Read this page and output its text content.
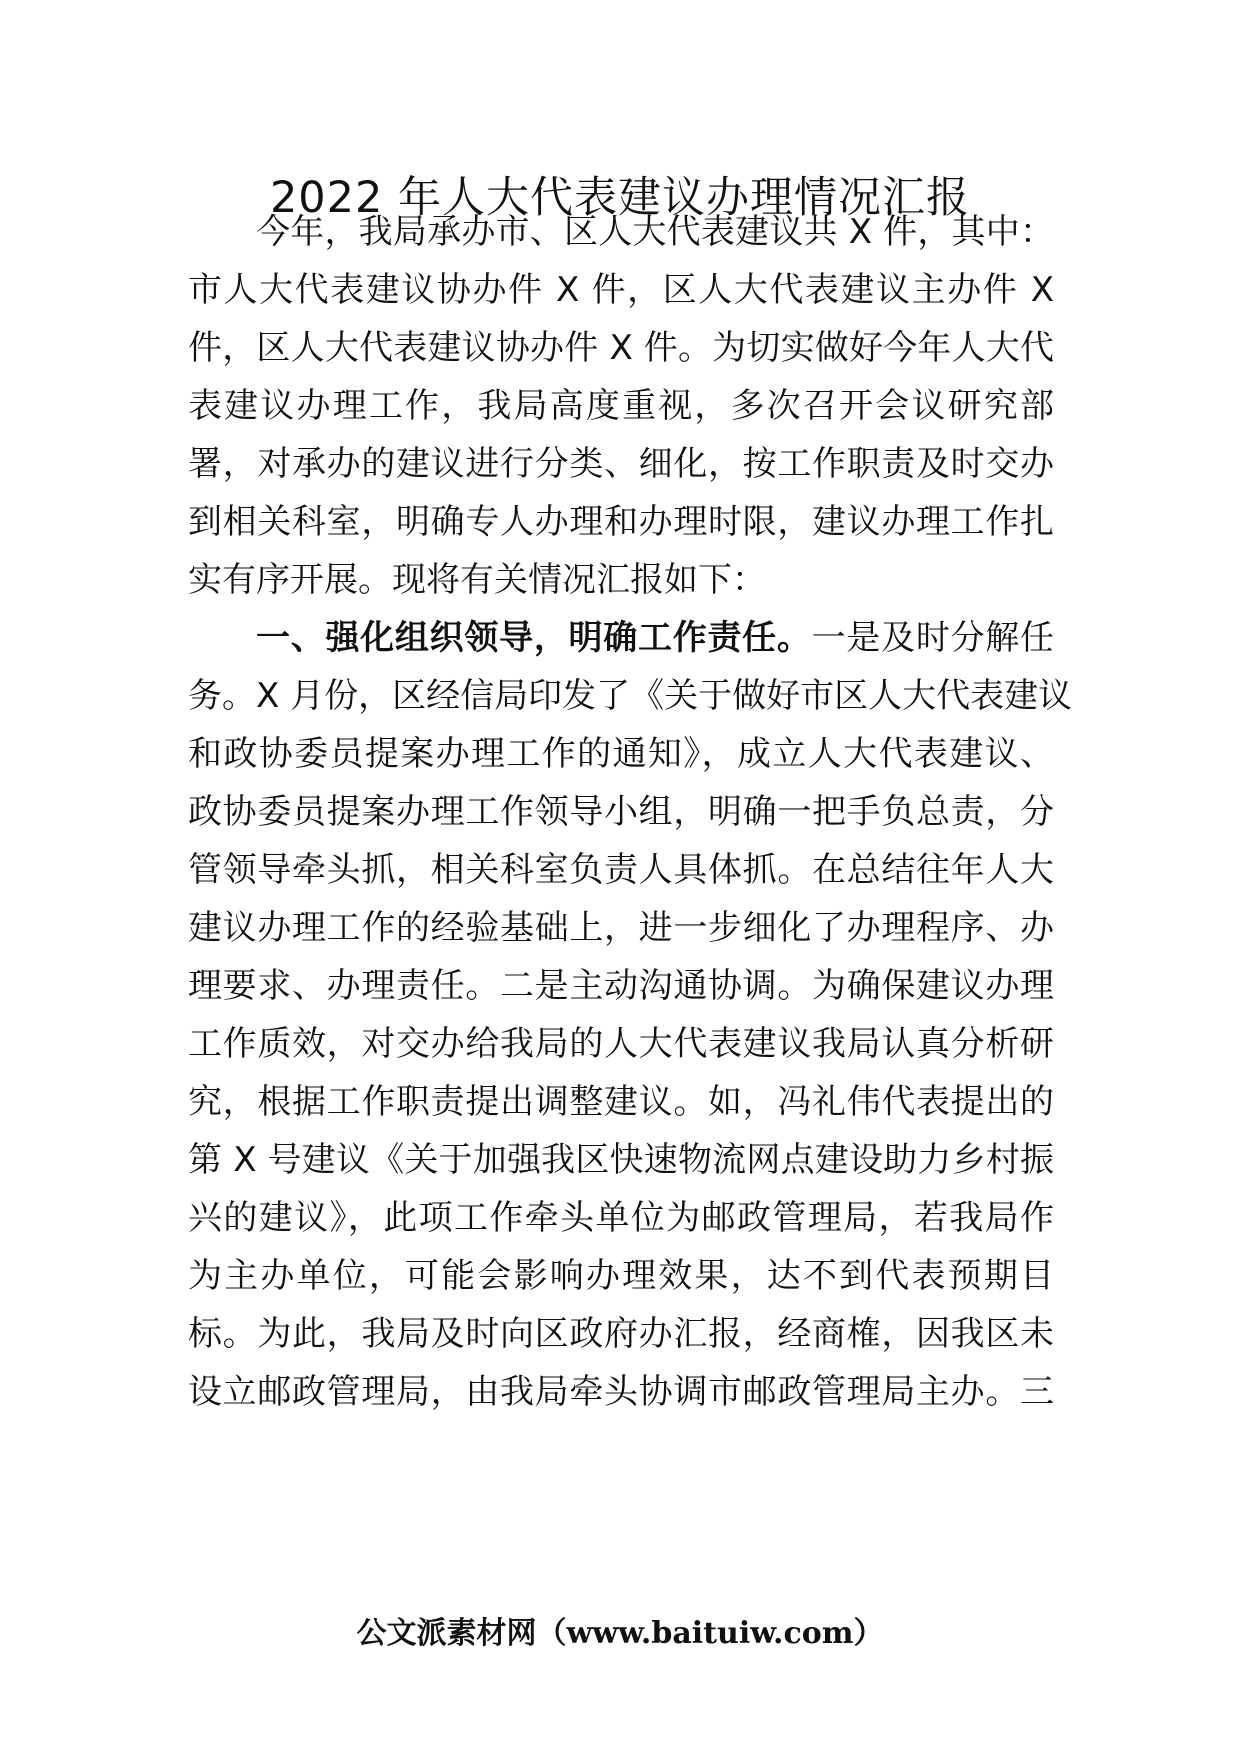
2022 年人大代表建议办理情况汇报
今年，我局承办市、区人大代表建议共 X 件，其中：
市人大代表建议协办件 X 件，区人大代表建议主办件 X
件，区人大代表建议协办件 X 件。为切实做好今年人大代
表建议办理工作，我局高度重视，多次召开会议研究部
署，对承办的建议进行分类、细化，按工作职责及时交办
到相关科室，明确专人办理和办理时限，建议办理工作扎
实有序开展。现将有关情况汇报如下：
一、强化组织领导，明确工作责任。一是及时分解任
务。X 月份，区经信局印发了《关于做好市区人大代表建议
和政协委员提案办理工作的通知》，成立人大代表建议、
政协委员提案办理工作领导小组，明确一把手负总责，分
管领导牵头抓，相关科室负责人具体抓。在总结往年人大
建议办理工作的经验基础上，进一步细化了办理程序、办
理要求、办理责任。二是主动沟通协调。为确保建议办理
工作质效，对交办给我局的人大代表建议我局认真分析研
究，根据工作职责提出调整建议。如，冯礼伟代表提出的
第 X 号建议《关于加强我区快速物流网点建设助力乡村振
兴的建议》，此项工作牵头单位为邮政管理局，若我局作
为主办单位，可能会影响办理效果，达不到代表预期目
标。为此，我局及时向区政府办汇报，经商榷，因我区未
设立邮政管理局，由我局牵头协调市邮政管理局主办。三
公文派素材网（www.baituiw.com）
